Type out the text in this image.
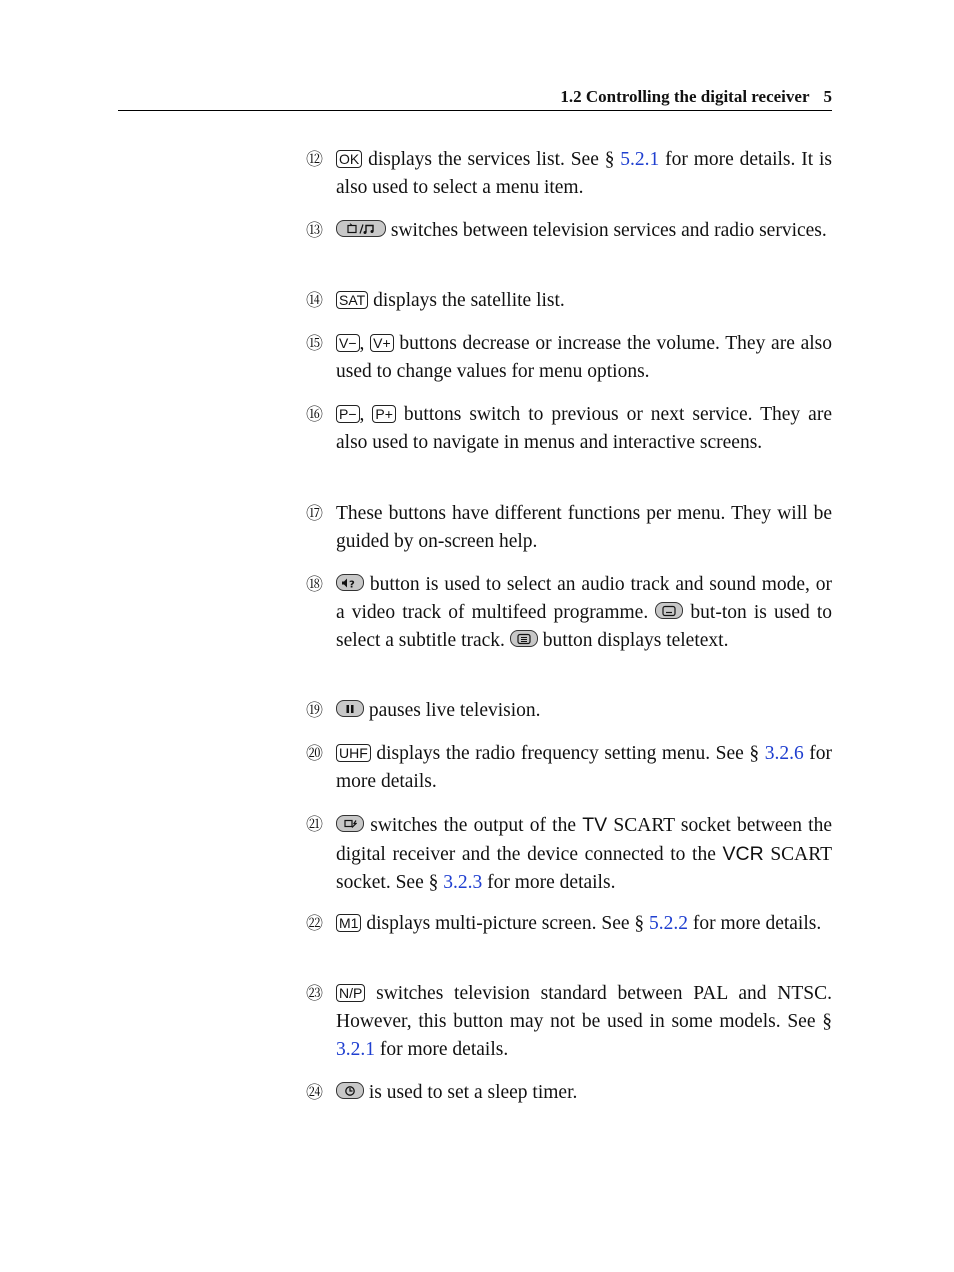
1.2 Controlling the digital receiver 5
⑫ OK displays the services list. See § 5.2.1 for more details. It is also used to select a menu item.
⑬	switches between television services and radio services.
⑭ SAT displays the satellite list.
⑮ V− , V+ buttons decrease or increase the volume. They are also used to change values for menu options.
⑯ P− , P+ buttons switch to previous or next service. They are also used to navigate in menus and interactive screens.
⑰ These buttons have different functions per menu. They will be guided by on-screen help.
⑱	? button is used to select an audio track and sound mode, or a video track of multifeed programme.
but-ton is used to select a subtitle track.
button displays teletext.
⑲	pauses live television.
⑳ UHF displays the radio frequency setting menu. See § 3.2.6 for more details.
㉑	switches the output of the TV SCART socket between the digital receiver and the device connected to the VCR SCART socket. See § 3.2.3 for more details.
㉒ M1 displays multi-picture screen. See § 5.2.2 for more details.
㉓ N/P switches television standard between PAL and NTSC. However, this button may not be used in some models. See § 3.2.1 for more details.
㉔	is used to set a sleep timer.
